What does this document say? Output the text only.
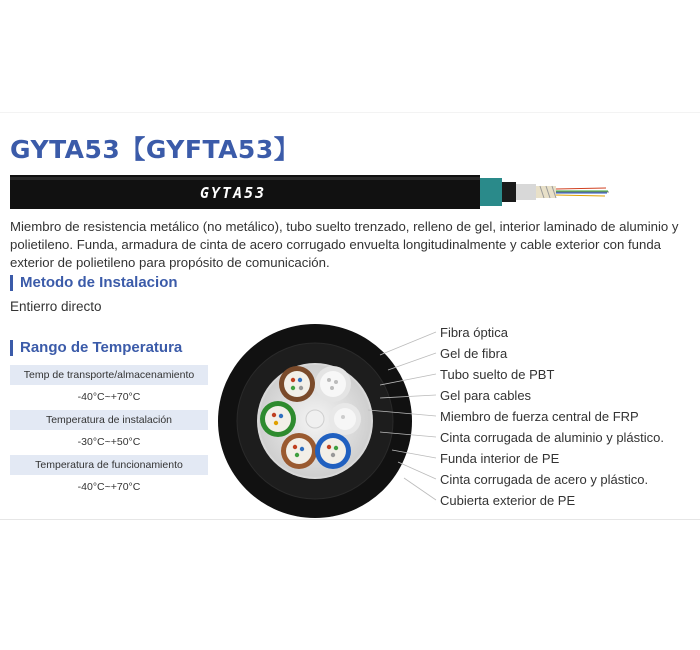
GYTA53【GYFTA53】
GYTA53
Miembro de resistencia metálico (no metálico), tubo suelto trenzado, relleno de gel, interior laminado de aluminio y polietileno. Funda, armadura de cinta de acero corrugado envuelta longitudinalmente y cable exterior con funda exterior de polietileno para propósito de comunicación.
Metodo de Instalacion
Entierro directo
Rango de Temperatura
Temp de transporte/almacenamiento
-40°C~+70°C
Temperatura de instalación
-30°C~+50°C
Temperatura de funcionamiento
-40°C~+70°C
Fibra óptica
Gel de fibra
Tubo suelto de PBT
Gel para cables
Miembro de fuerza central de FRP
Cinta corrugada de aluminio y plástico.
Funda interior de PE
Cinta corrugada de acero y plástico.
Cubierta exterior de PE
